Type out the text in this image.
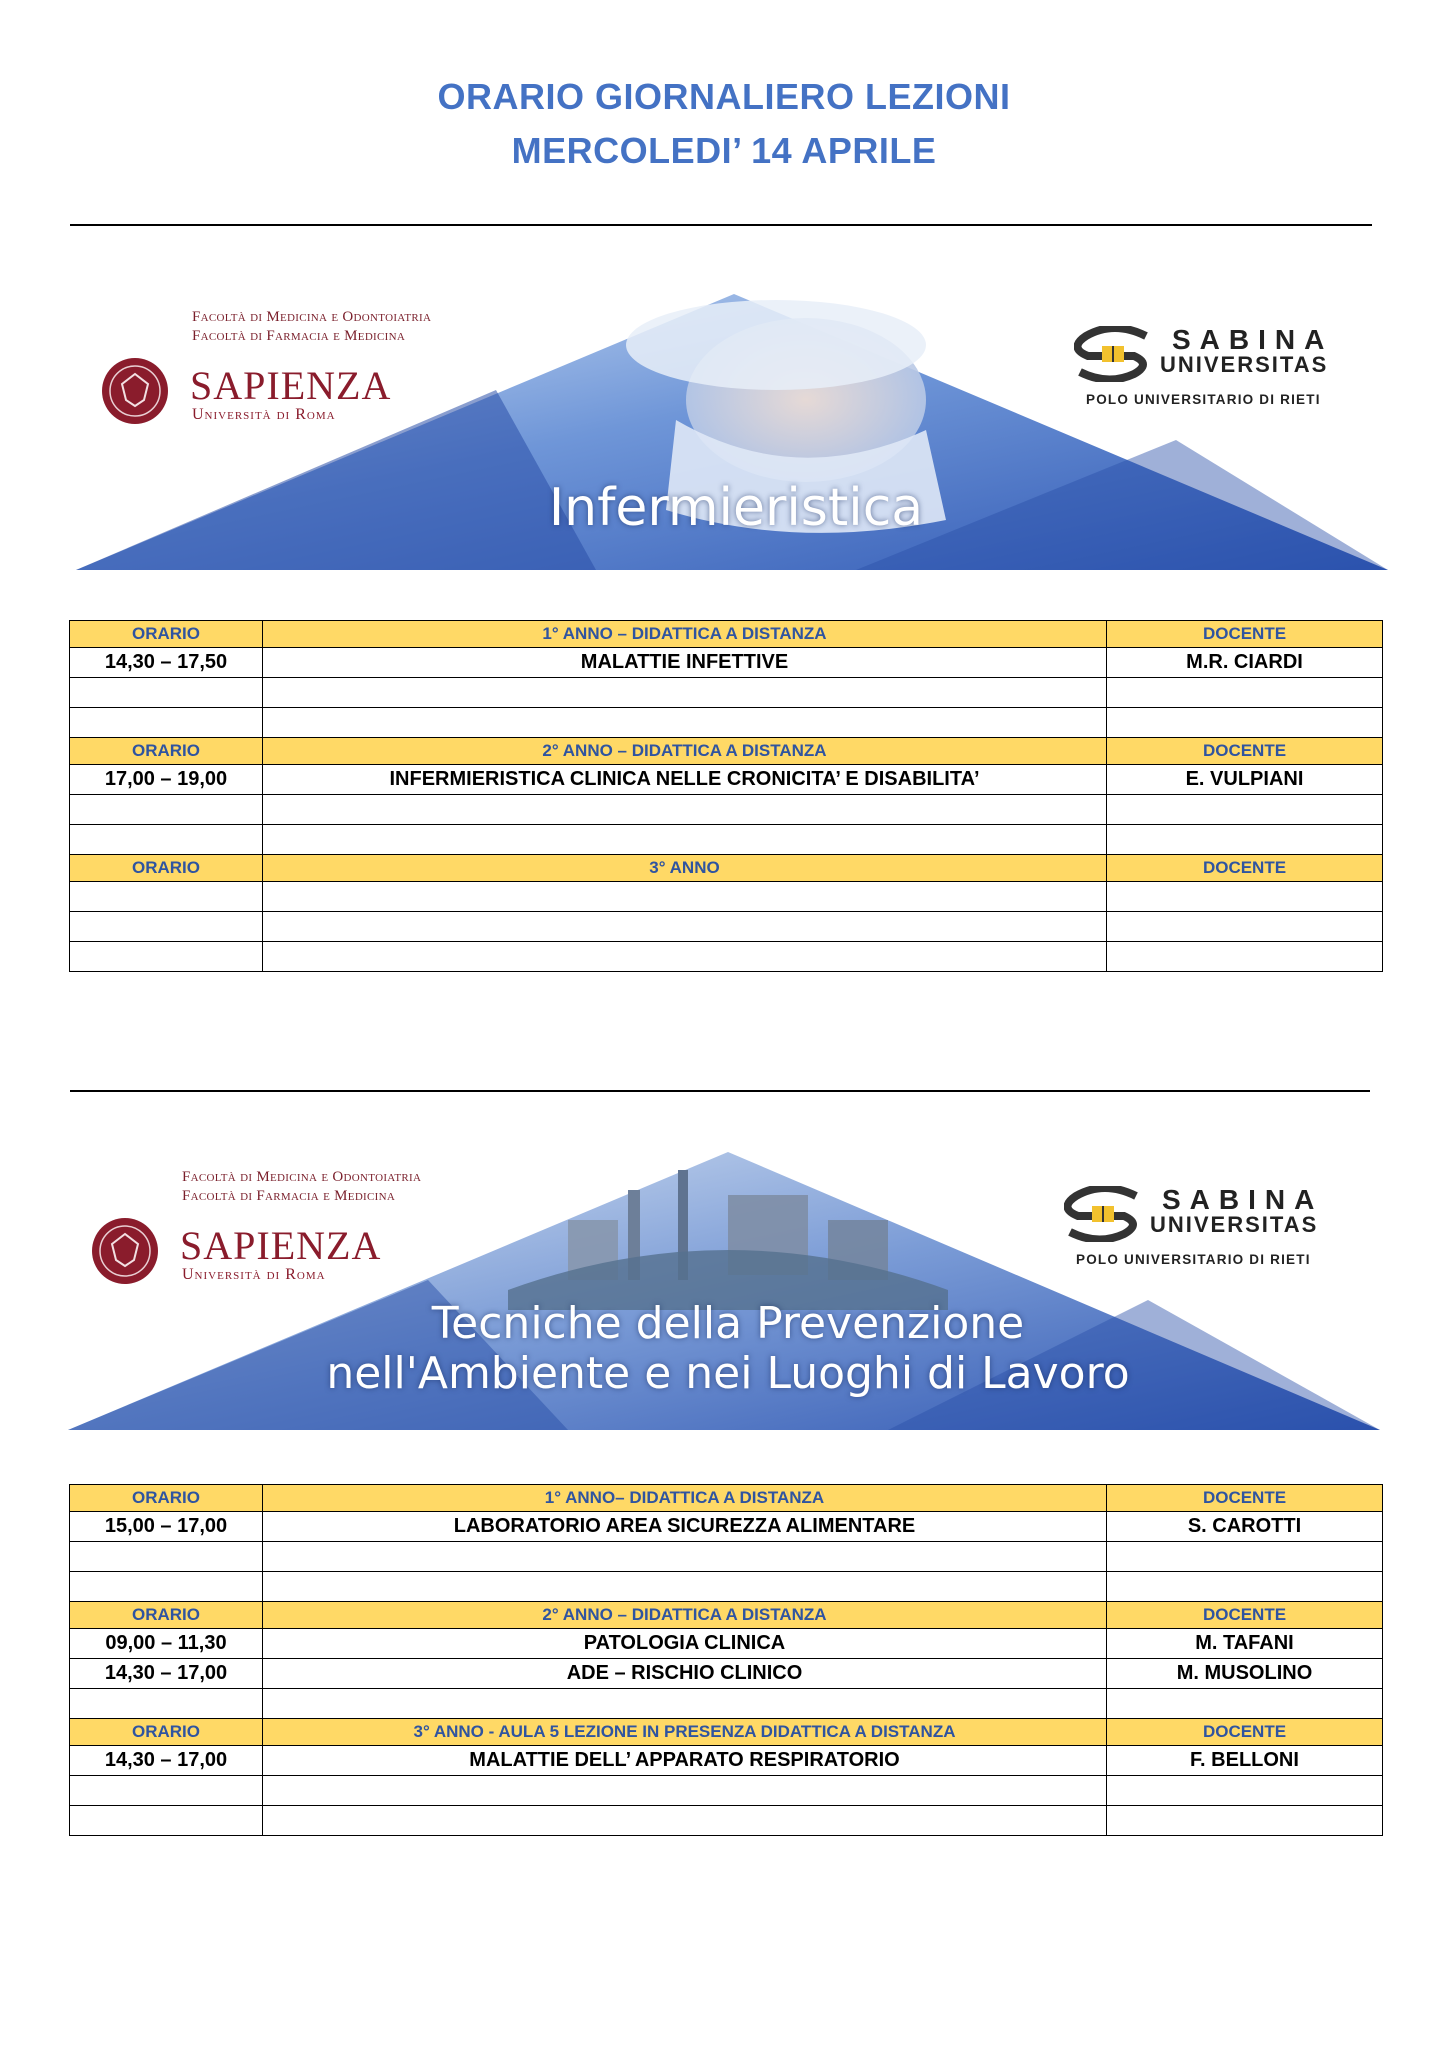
ORARIO GIORNALIERO LEZIONI
MERCOLEDI’ 14 APRILE
Facoltà di Medicina e Odontoiatria
Facoltà di Farmacia e Medicina
SAPIENZA
Università di Roma
SABINA
UNIVERSITAS
POLO UNIVERSITARIO DI RIETI
Infermieristica
ORARIO	1° ANNO – DIDATTICA A DISTANZA	DOCENTE
14,30 – 17,50	MALATTIE INFETTIVE	M.R. CIARDI

ORARIO	2° ANNO – DIDATTICA A DISTANZA	DOCENTE
17,00 – 19,00	INFERMIERISTICA CLINICA NELLE CRONICITA’ E DISABILITA’	E. VULPIANI

ORARIO	3° ANNO	DOCENTE

Facoltà di Medicina e Odontoiatria
Facoltà di Farmacia e Medicina
SAPIENZA
Università di Roma
SABINA
UNIVERSITAS
POLO UNIVERSITARIO DI RIETI
Tecniche della Prevenzione
nell'Ambiente e nei Luoghi di Lavoro
ORARIO	1° ANNO– DIDATTICA A DISTANZA	DOCENTE
15,00 – 17,00	LABORATORIO AREA SICUREZZA ALIMENTARE	S. CAROTTI

ORARIO	2° ANNO – DIDATTICA A DISTANZA	DOCENTE
09,00 – 11,30	PATOLOGIA CLINICA	M. TAFANI
14,30 – 17,00	ADE – RISCHIO CLINICO	M. MUSOLINO

ORARIO	3° ANNO - AULA 5 LEZIONE IN PRESENZA DIDATTICA A DISTANZA	DOCENTE
14,30 – 17,00	MALATTIE DELL’ APPARATO RESPIRATORIO	F. BELLONI
